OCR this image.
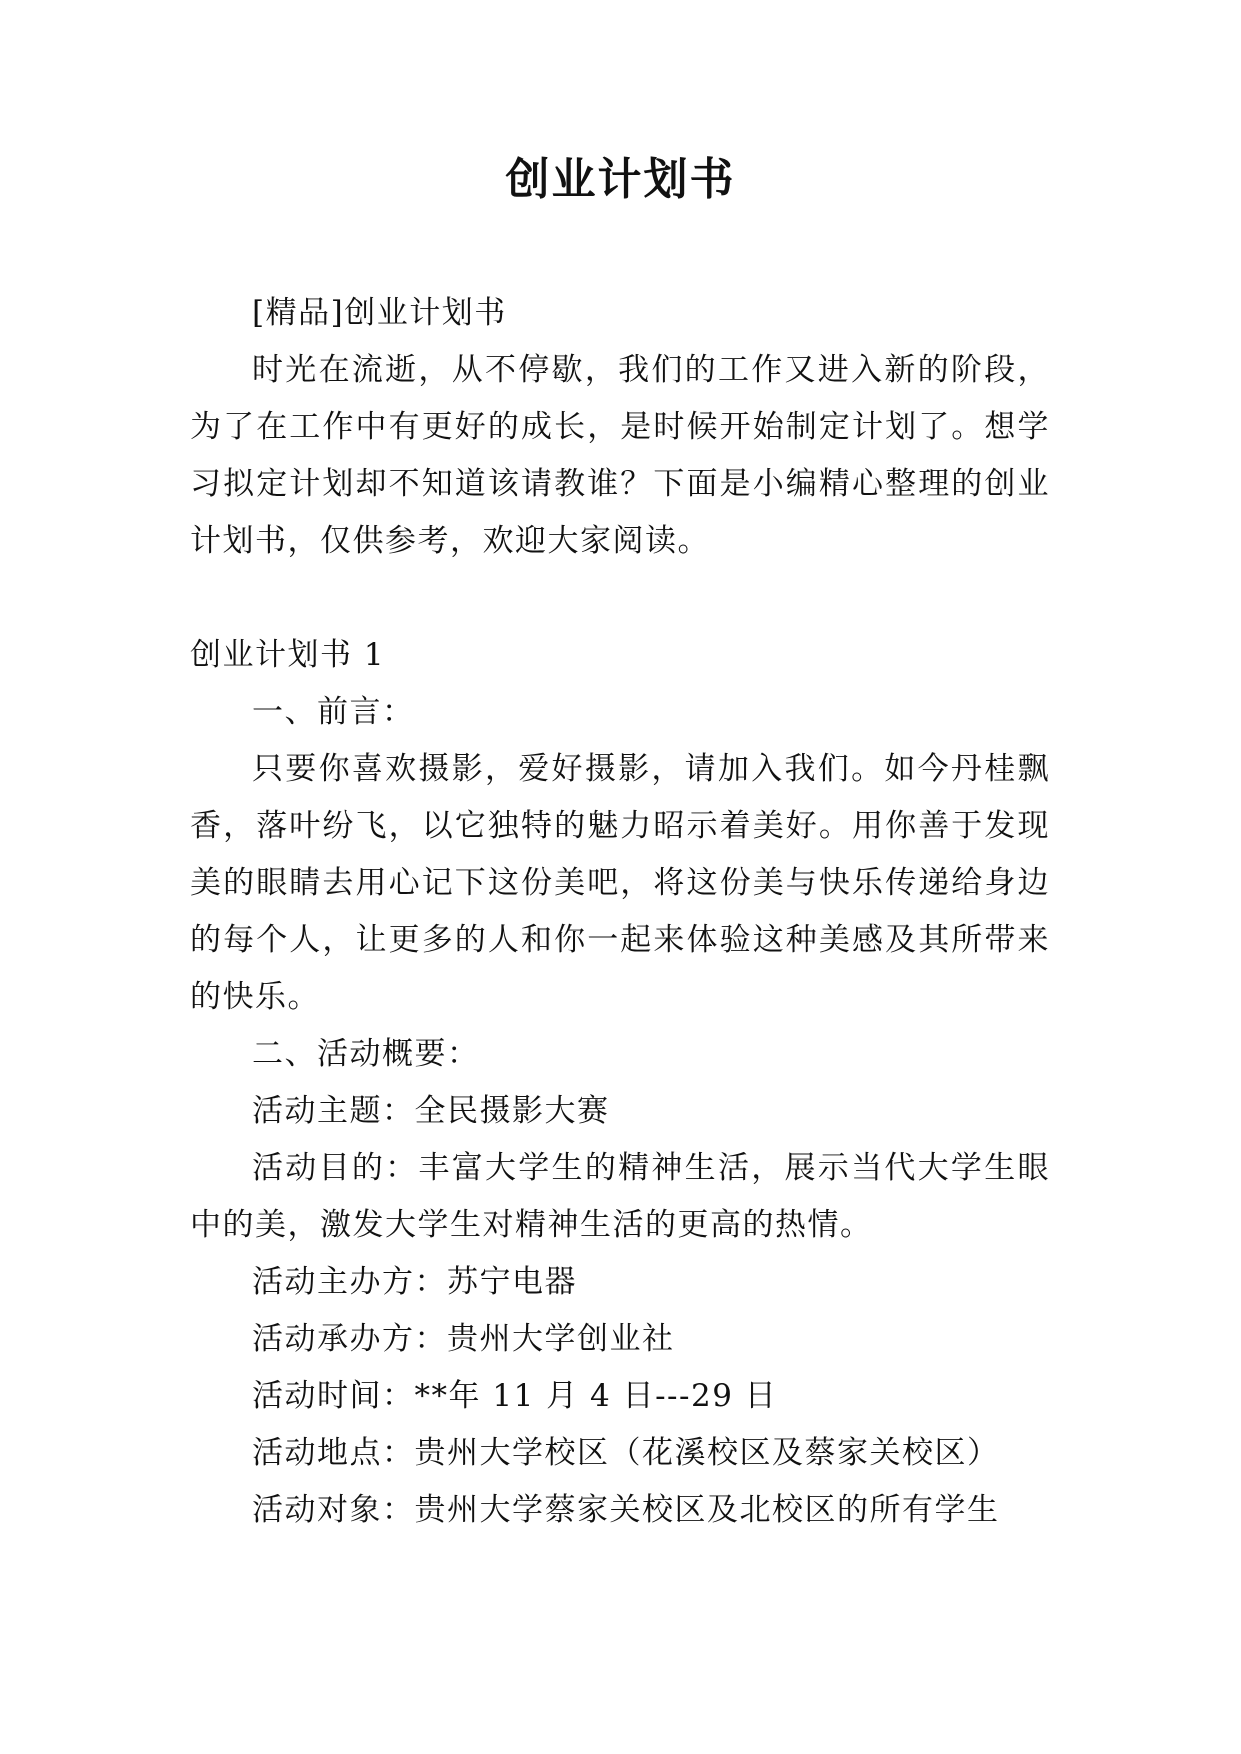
创业计划书

[精品]创业计划书

时光在流逝，从不停歇，我们的工作又进入新的阶段，为了在工作中有更好的成长，是时候开始制定计划了。想学习拟定计划却不知道该请教谁？下面是小编精心整理的创业计划书，仅供参考，欢迎大家阅读。

创业计划书 1

一、前言：

只要你喜欢摄影，爱好摄影，请加入我们。如今丹桂飘香，落叶纷飞，以它独特的魅力昭示着美好。用你善于发现美的眼睛去用心记下这份美吧，将这份美与快乐传递给身边的每个人，让更多的人和你一起来体验这种美感及其所带来的快乐。

二、活动概要：

活动主题：全民摄影大赛

活动目的：丰富大学生的精神生活，展示当代大学生眼中的美，激发大学生对精神生活的更高的热情。

活动主办方：苏宁电器

活动承办方：贵州大学创业社

活动时间：**年 11 月 4 日---29 日

活动地点：贵州大学校区（花溪校区及蔡家关校区）

活动对象：贵州大学蔡家关校区及北校区的所有学生
